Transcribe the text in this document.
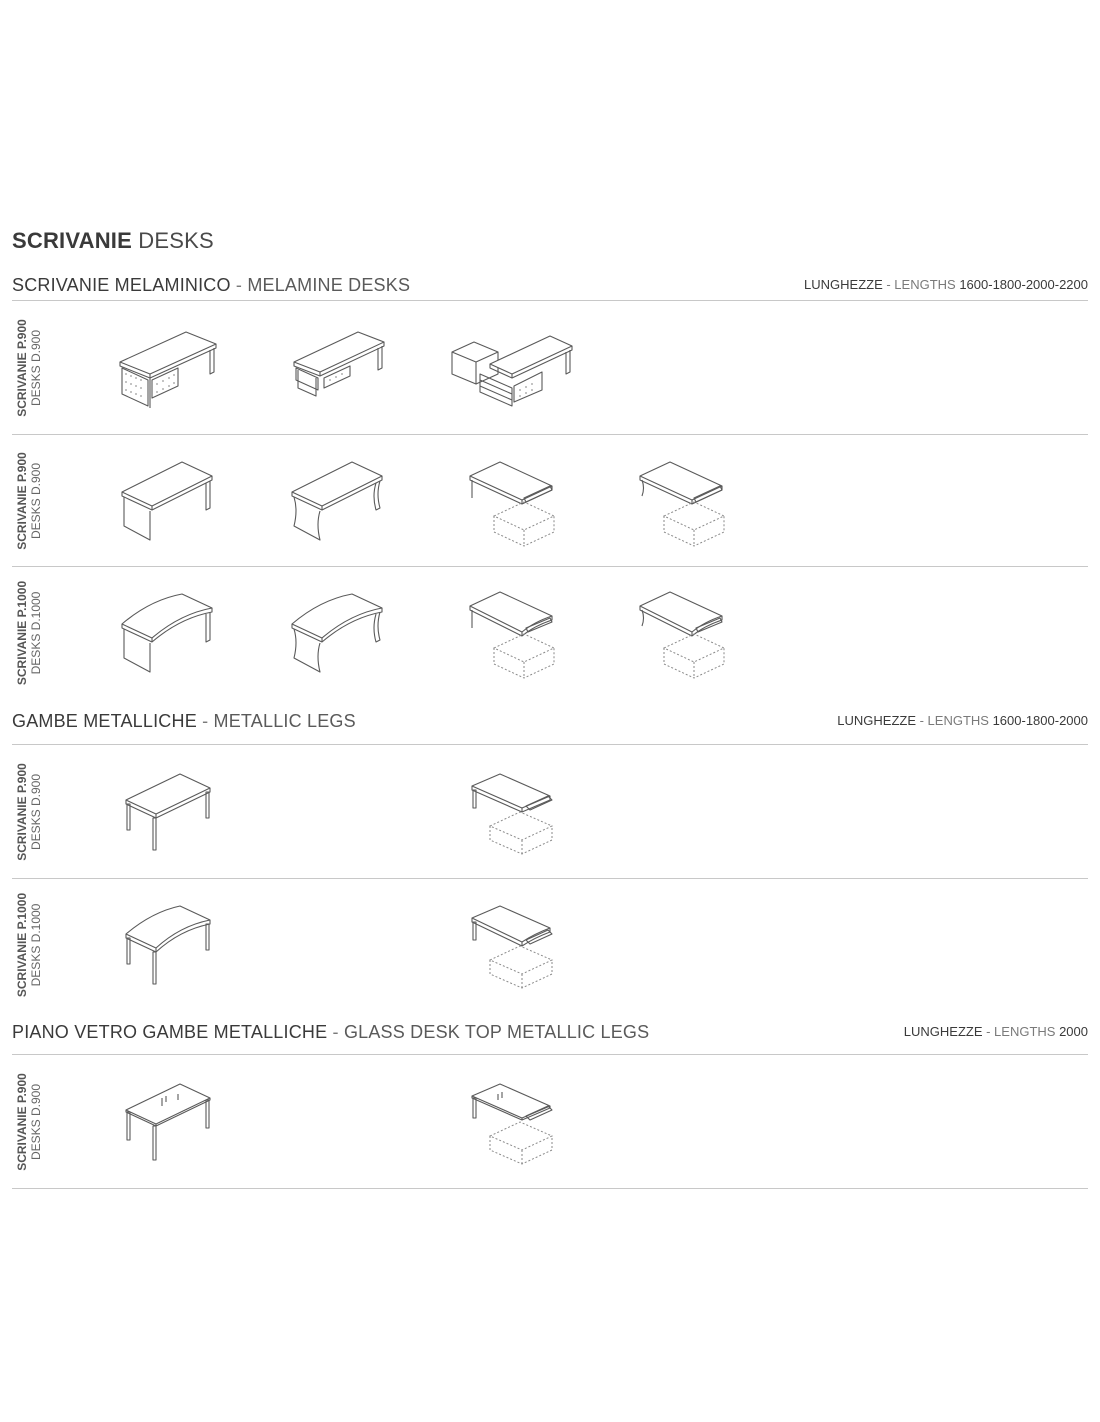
SCRIVANIE DESKS
SCRIVANIE MELAMINICO - MELAMINE DESKS	LUNGHEZZE - LENGTHS 1600-1800-2000-2200
SCRIVANIE P.900 DESKS D.900
SCRIVANIE P.900 DESKS D.900
SCRIVANIE P.1000 DESKS D.1000
GAMBE METALLICHE - METALLIC LEGS	LUNGHEZZE - LENGTHS 1600-1800-2000
SCRIVANIE P.900 DESKS D.900
SCRIVANIE P.1000 DESKS D.1000
PIANO VETRO GAMBE METALLICHE - GLASS DESK TOP METALLIC LEGS	LUNGHEZZE - LENGTHS 2000
SCRIVANIE P.900 DESKS D.900
